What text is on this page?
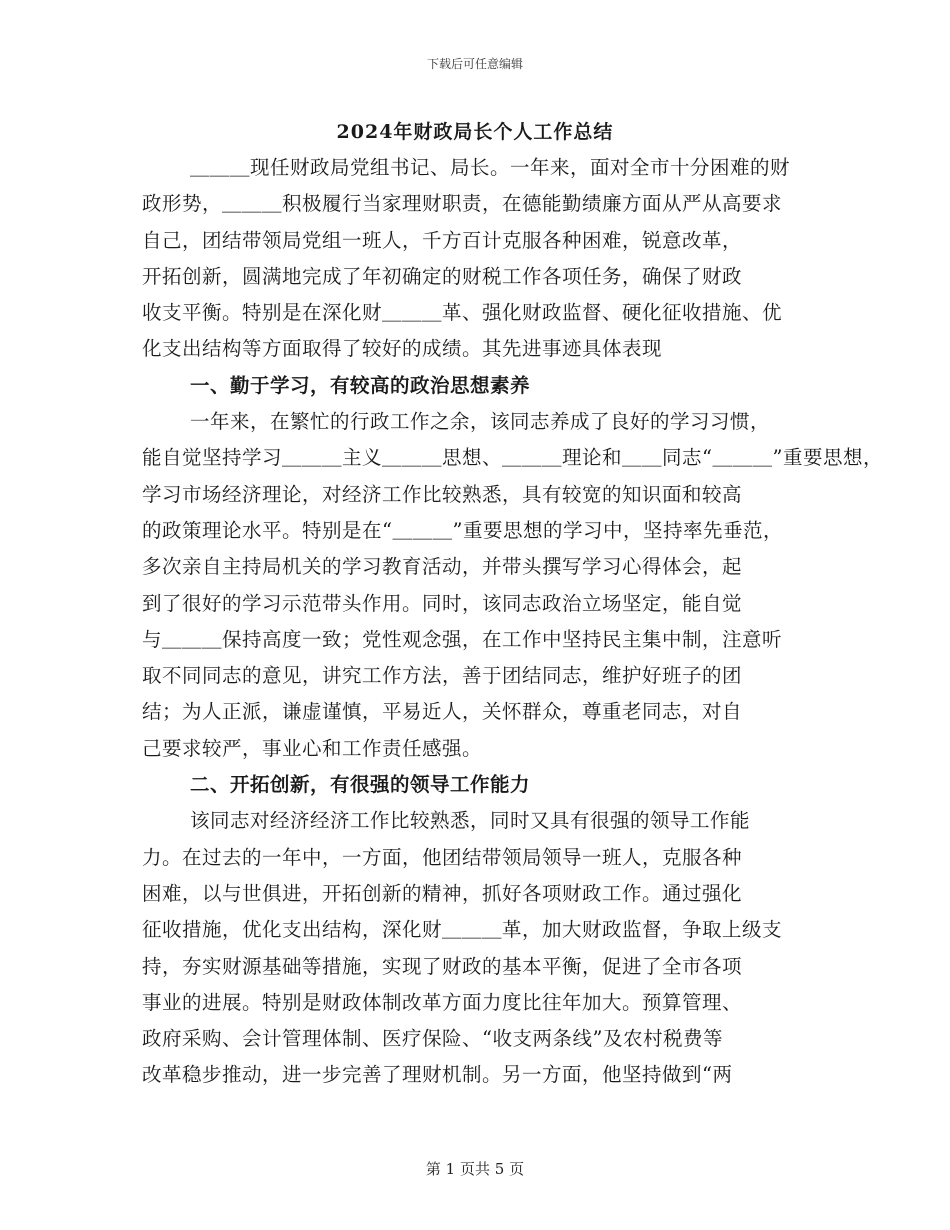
下载后可任意编辑
2024年财政局长个人工作总结
＿＿＿现任财政局党组书记、局长。一年来，面对全市十分困难的财
政形势，＿＿＿积极履行当家理财职责，在德能勤绩廉方面从严从高要求
自己，团结带领局党组一班人，千方百计克服各种困难，锐意改革，
开拓创新，圆满地完成了年初确定的财税工作各项任务，确保了财政
收支平衡。特别是在深化财＿＿＿革、强化财政监督、硬化征收措施、优
化支出结构等方面取得了较好的成绩。其先进事迹具体表现
一、勤于学习，有较高的政治思想素养
一年来，在繁忙的行政工作之余，该同志养成了良好的学习习惯，
能自觉坚持学习＿＿＿主义＿＿＿思想、＿＿＿理论和＿＿同志“＿＿＿”重要思想，
学习市场经济理论，对经济工作比较熟悉，具有较宽的知识面和较高
的政策理论水平。特别是在“＿＿＿”重要思想的学习中，坚持率先垂范，
多次亲自主持局机关的学习教育活动，并带头撰写学习心得体会，起
到了很好的学习示范带头作用。同时，该同志政治立场坚定，能自觉
与＿＿＿保持高度一致；党性观念强，在工作中坚持民主集中制，注意听
取不同同志的意见，讲究工作方法，善于团结同志，维护好班子的团
结；为人正派，谦虚谨慎，平易近人，关怀群众，尊重老同志，对自
己要求较严，事业心和工作责任感强。
二、开拓创新，有很强的领导工作能力
该同志对经济经济工作比较熟悉，同时又具有很强的领导工作能
力。在过去的一年中，一方面，他团结带领局领导一班人，克服各种
困难，以与世俱进，开拓创新的精神，抓好各项财政工作。通过强化
征收措施，优化支出结构，深化财＿＿＿革，加大财政监督，争取上级支
持，夯实财源基础等措施，实现了财政的基本平衡，促进了全市各项
事业的进展。特别是财政体制改革方面力度比往年加大。预算管理、
政府采购、会计管理体制、医疗保险、“收支两条线”及农村税费等
改革稳步推动，进一步完善了理财机制。另一方面，他坚持做到“两
第 1 页共 5 页
